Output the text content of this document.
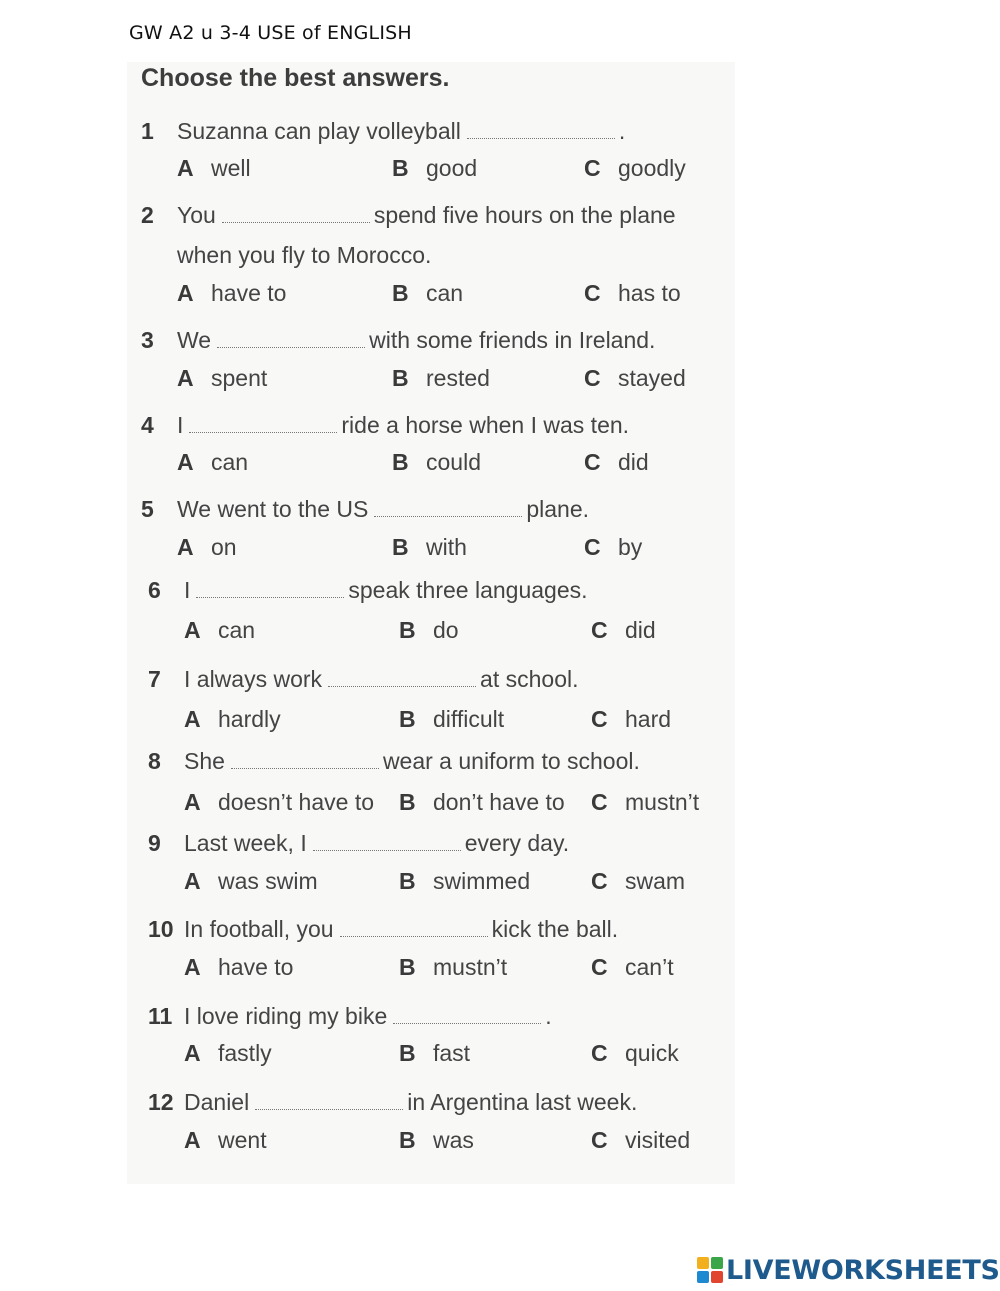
GW A2 u 3-4 USE of ENGLISH
Choose the best answers.
1 Suzanna can play volleyball	.
A well	B good	C goodly
2 You	spend five hours on the plane
when you fly to Morocco.
A have to	B can	C has to
3 We	with some friends in Ireland.
A spent	B rested	C stayed
4 I	ride a horse when I was ten.
A can	B could	C did
5 We went to the US	plane.
A on	B with	C by
6 I	speak three languages.
A can	B do	C did
7 I always work	at school.
A hardly	B difficult	C hard
8 She	wear a uniform to school.
A doesn’t have to B don’t have to C mustn’t
9 Last week, I	every day.
A was swim	B swimmed	C swam
10 In football, you	kick the ball.
A have to	B mustn’t	C can’t
11 I love riding my bike	.
A fastly	B fast	C quick
12 Daniel	in Argentina last week.
A went	B was	C visited
LIVEWORKSHEETS
